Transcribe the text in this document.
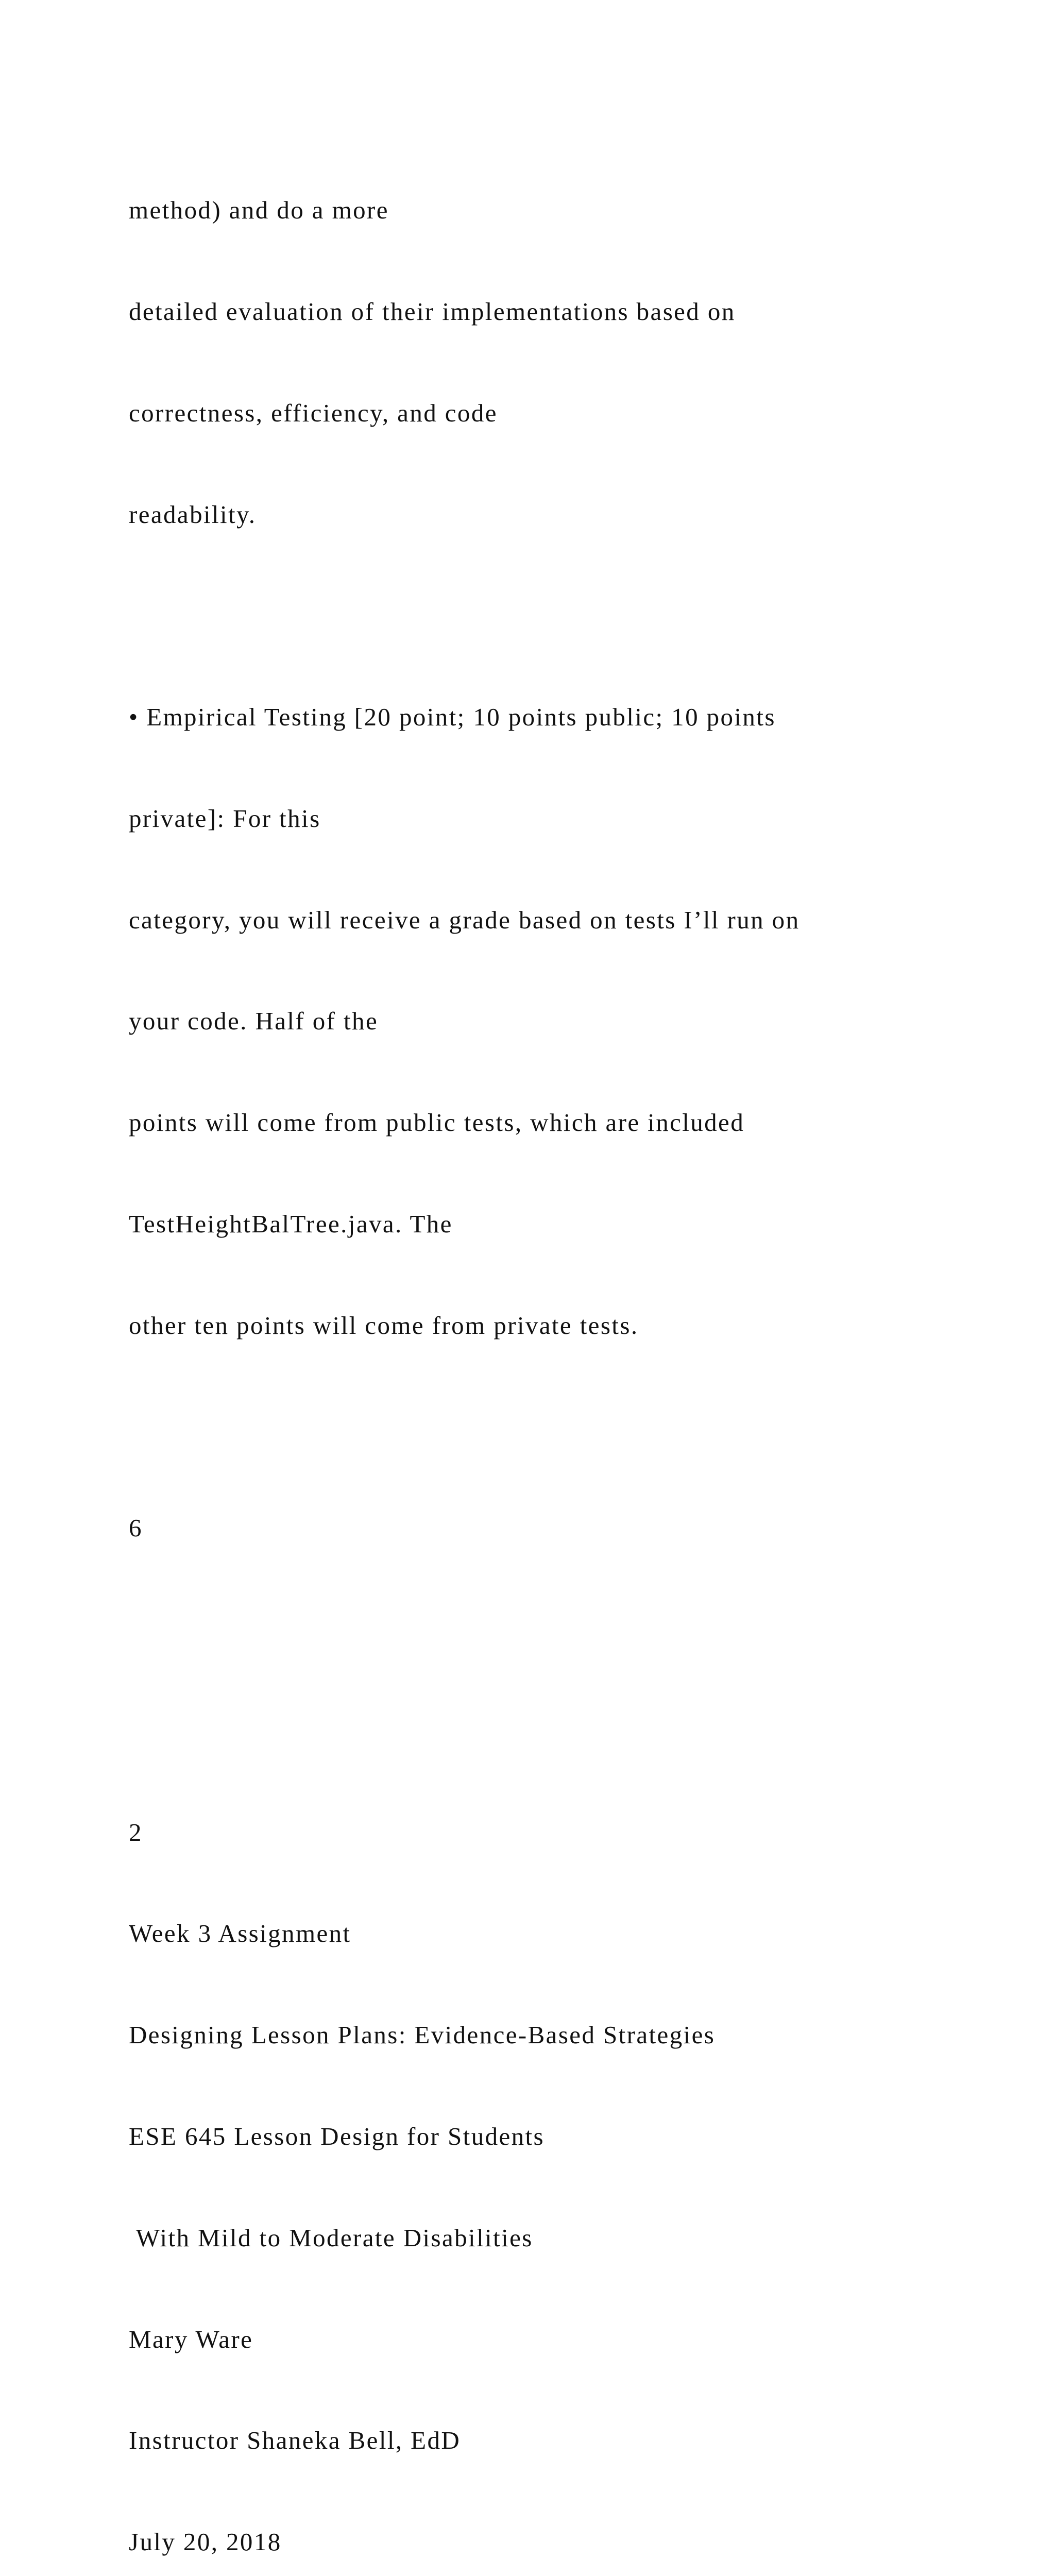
method) and do a more

detailed evaluation of their implementations based on

correctness, efficiency, and code

readability.

• Empirical Testing [20 point; 10 points public; 10 points

private]: For this

category, you will receive a grade based on tests I’ll run on

your code. Half of the

points will come from public tests, which are included

TestHeightBalTree.java. The

other ten points will come from private tests.

6

2

Week 3 Assignment

Designing Lesson Plans: Evidence-Based Strategies

ESE 645 Lesson Design for Students

With Mild to Moderate Disabilities

Mary Ware

Instructor Shaneka Bell, EdD

July 20, 2018
